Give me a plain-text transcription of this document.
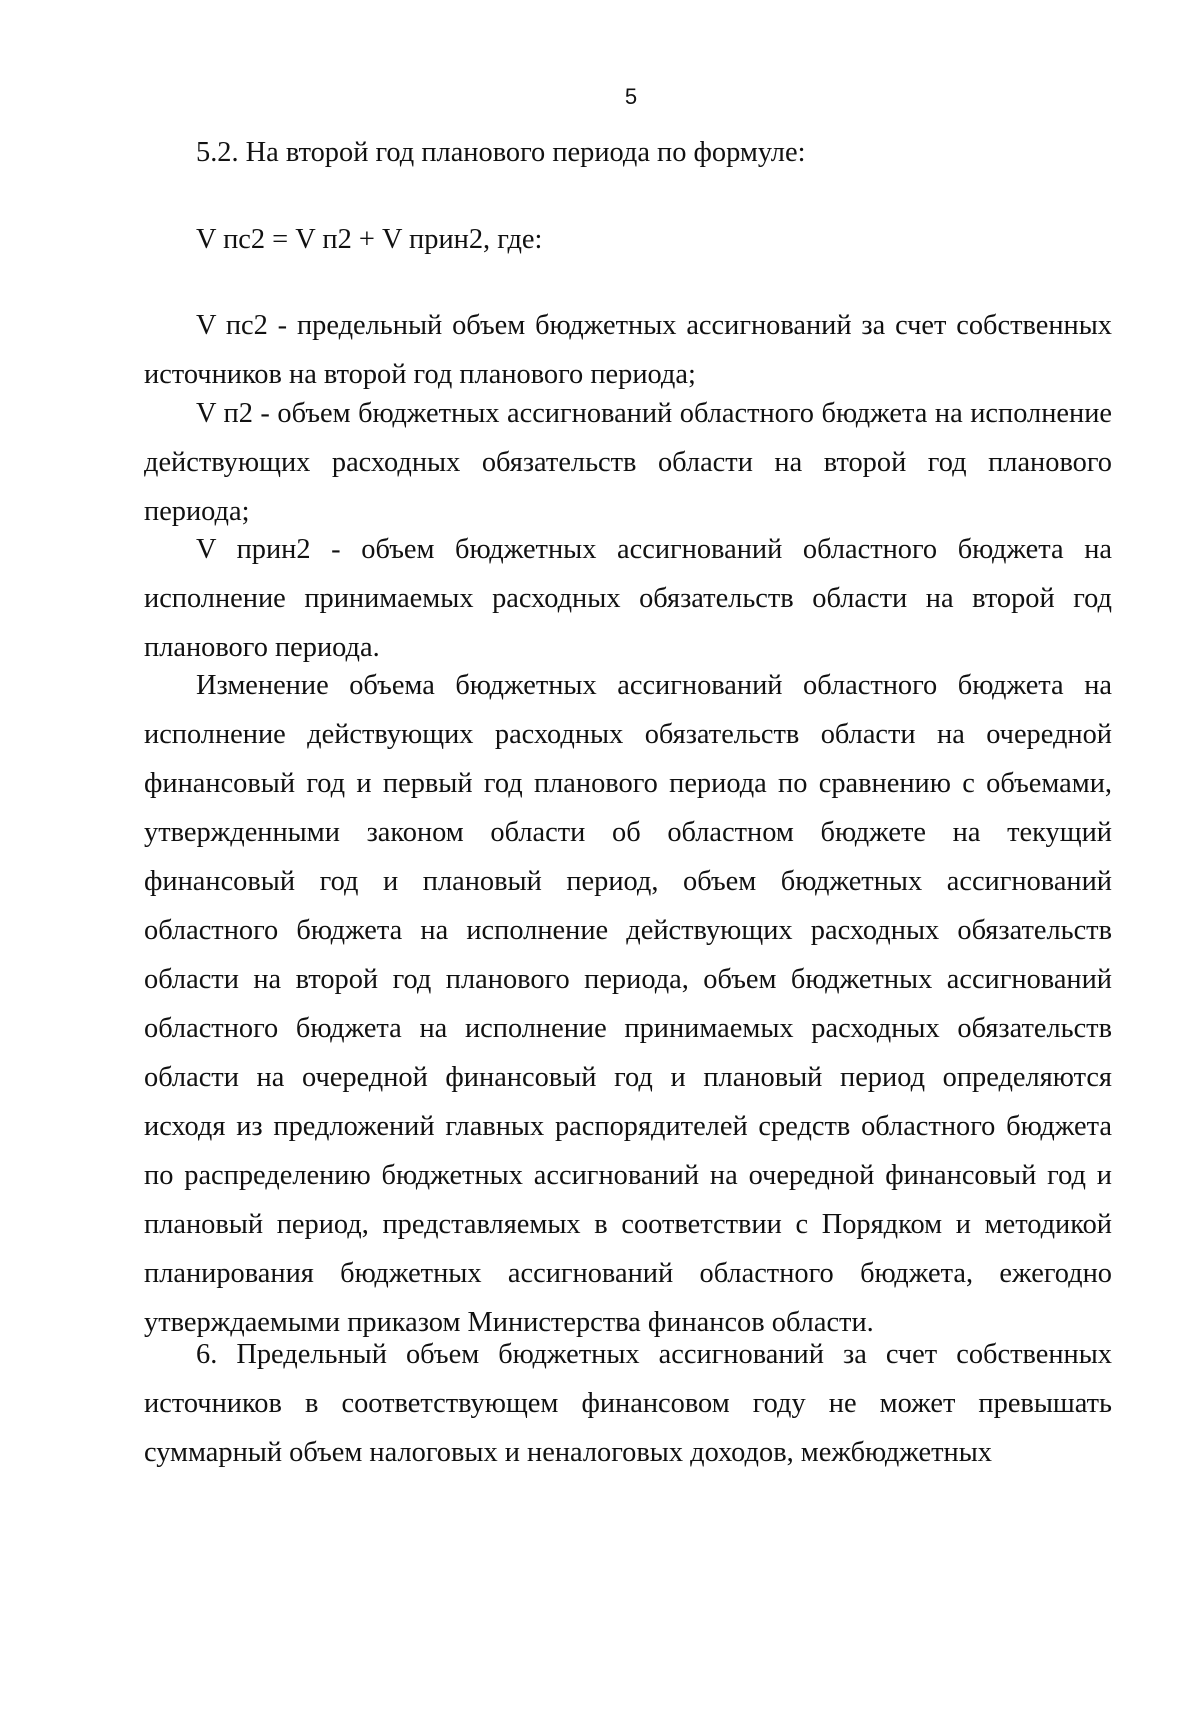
5
5.2. На второй год планового периода по формуле:
V пс2 = V п2 + V прин2, где:

V пс2 - предельный объем бюджетных ассигнований за счет собственных источников на второй год планового периода;

V п2 - объем бюджетных ассигнований областного бюджета на исполнение действующих расходных обязательств области на второй год планового периода;

V прин2 - объем бюджетных ассигнований областного бюджета на исполнение принимаемых расходных обязательств области на второй год планового периода.

Изменение объема бюджетных ассигнований областного бюджета на исполнение действующих расходных обязательств области на очередной финансовый год и первый год планового периода по сравнению с объемами, утвержденными законом области об областном бюджете на текущий финансовый год и плановый период, объем бюджетных ассигнований областного бюджета на исполнение действующих расходных обязательств области на второй год планового периода, объем бюджетных ассигнований областного бюджета на исполнение принимаемых расходных обязательств области на очередной финансовый год и плановый период определяются исходя из предложений главных распорядителей средств областного бюджета по распределению бюджетных ассигнований на очередной финансовый год и плановый период, представляемых в соответствии с Порядком и методикой планирования бюджетных ассигнований областного бюджета, ежегодно утверждаемыми приказом Министерства финансов области.

6. Предельный объем бюджетных ассигнований за счет собственных источников в соответствующем финансовом году не может превышать суммарный объем налоговых и неналоговых доходов, межбюджетных
